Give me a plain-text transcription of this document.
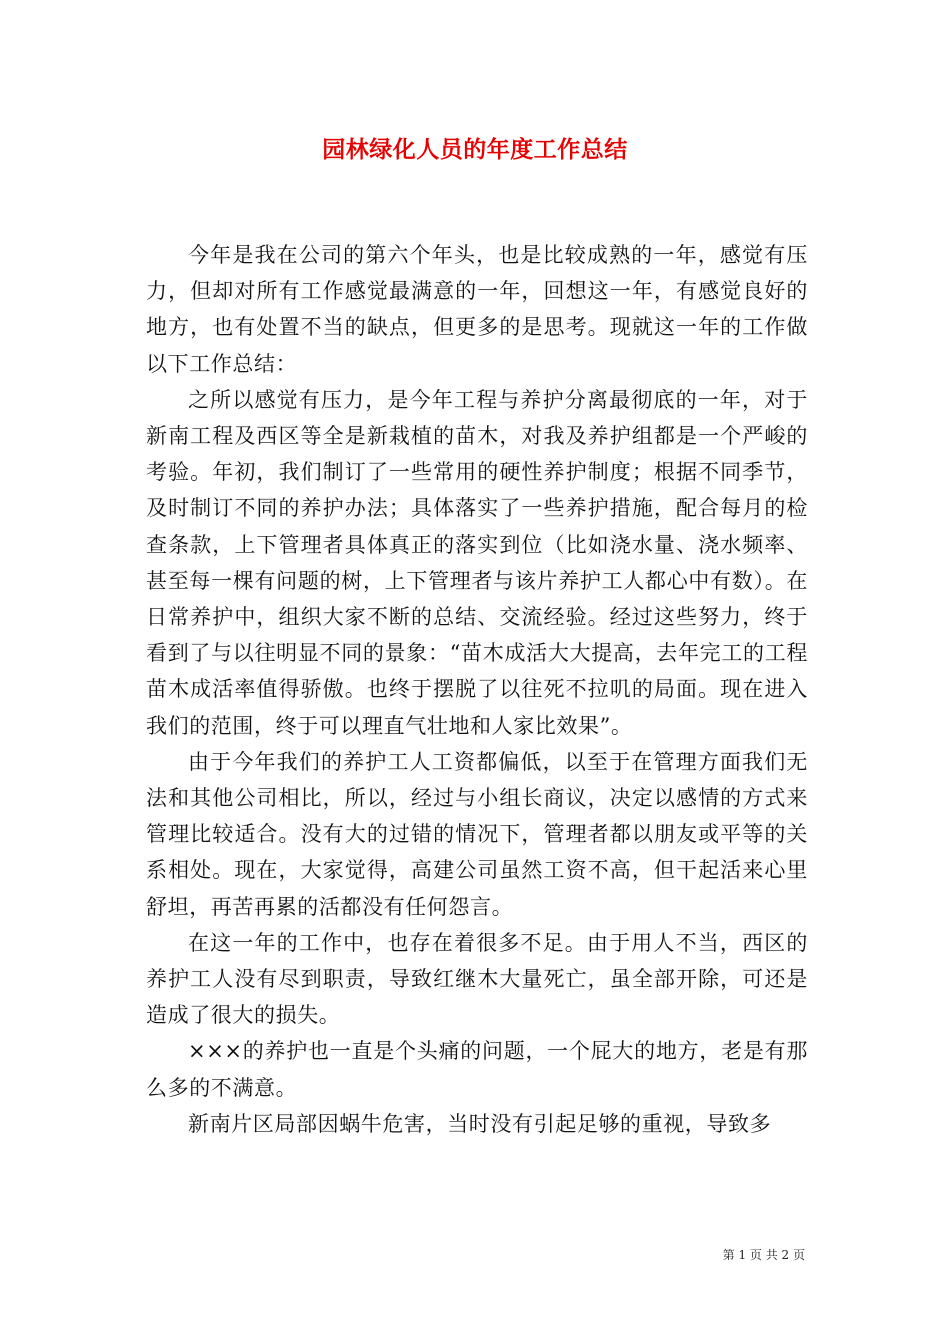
园林绿化人员的年度工作总结

今年是我在公司的第六个年头，也是比较成熟的一年，感觉有压力，但却对所有工作感觉最满意的一年，回想这一年，有感觉良好的地方，也有处置不当的缺点，但更多的是思考。现就这一年的工作做以下工作总结：

之所以感觉有压力，是今年工程与养护分离最彻底的一年，对于新南工程及西区等全是新栽植的苗木，对我及养护组都是一个严峻的考验。年初，我们制订了一些常用的硬性养护制度；根据不同季节，及时制订不同的养护办法；具体落实了一些养护措施，配合每月的检查条款，上下管理者具体真正的落实到位（比如浇水量、浇水频率、甚至每一棵有问题的树，上下管理者与该片养护工人都心中有数）。在日常养护中，组织大家不断的总结、交流经验。经过这些努力，终于看到了与以往明显不同的景象：“苗木成活大大提高，去年完工的工程苗木成活率值得骄傲。也终于摆脱了以往死不拉叽的局面。现在进入我们的范围，终于可以理直气壮地和人家比效果”。

由于今年我们的养护工人工资都偏低，以至于在管理方面我们无法和其他公司相比，所以，经过与小组长商议，决定以感情的方式来管理比较适合。没有大的过错的情况下，管理者都以朋友或平等的关系相处。现在，大家觉得，高建公司虽然工资不高，但干起活来心里舒坦，再苦再累的活都没有任何怨言。

在这一年的工作中，也存在着很多不足。由于用人不当，西区的养护工人没有尽到职责，导致红继木大量死亡，虽全部开除，可还是造成了很大的损失。

×××的养护也一直是个头痛的问题，一个屁大的地方，老是有那么多的不满意。

新南片区局部因蜗牛危害，当时没有引起足够的重视，导致多

第 1 页 共 2 页
